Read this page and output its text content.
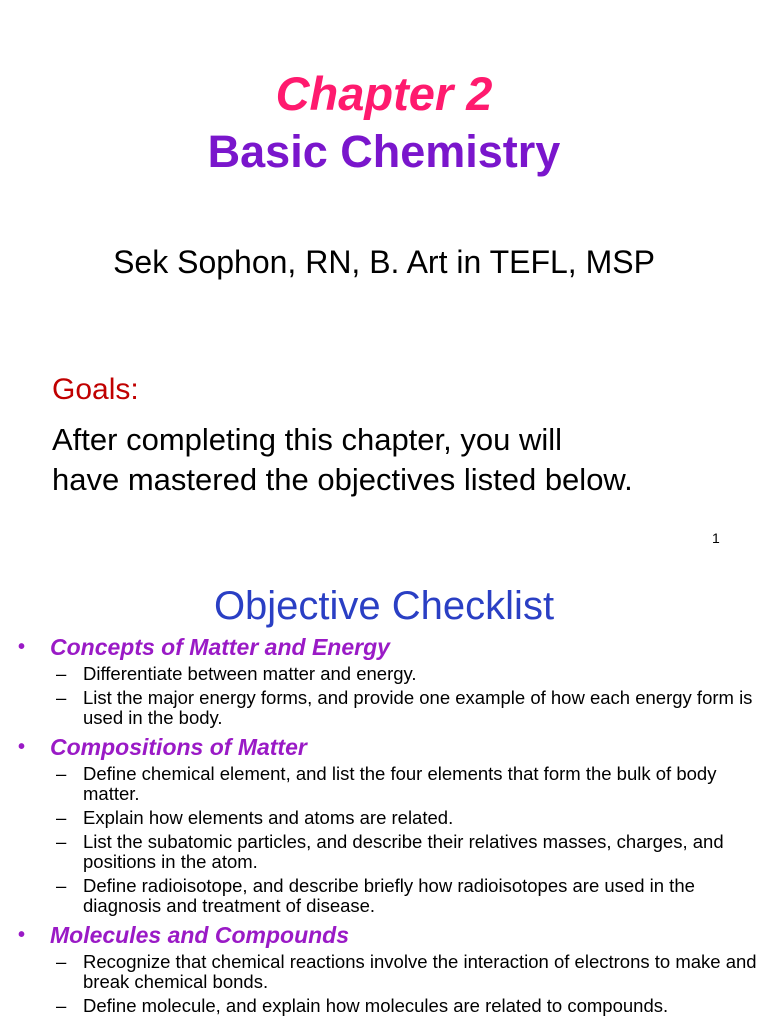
Chapter 2
Basic Chemistry
Sek Sophon, RN, B. Art in TEFL, MSP
Goals:
After completing this chapter, you will
have mastered the objectives listed below.
1
Objective Checklist
• Concepts of Matter and Energy
– Differentiate between matter and energy.
– List the major energy forms, and provide one example of how each energy form is used in the body.
• Compositions of Matter
– Define chemical element, and list the four elements that form the bulk of body matter.
– Explain how elements and atoms are related.
– List the subatomic particles, and describe their relatives masses, charges, and positions in the atom.
– Define radioisotope, and describe briefly how radioisotopes are used in the diagnosis and treatment of disease.
• Molecules and Compounds
– Recognize that chemical reactions involve the interaction of electrons to make and break chemical bonds.
– Define molecule, and explain how molecules are related to compounds.
